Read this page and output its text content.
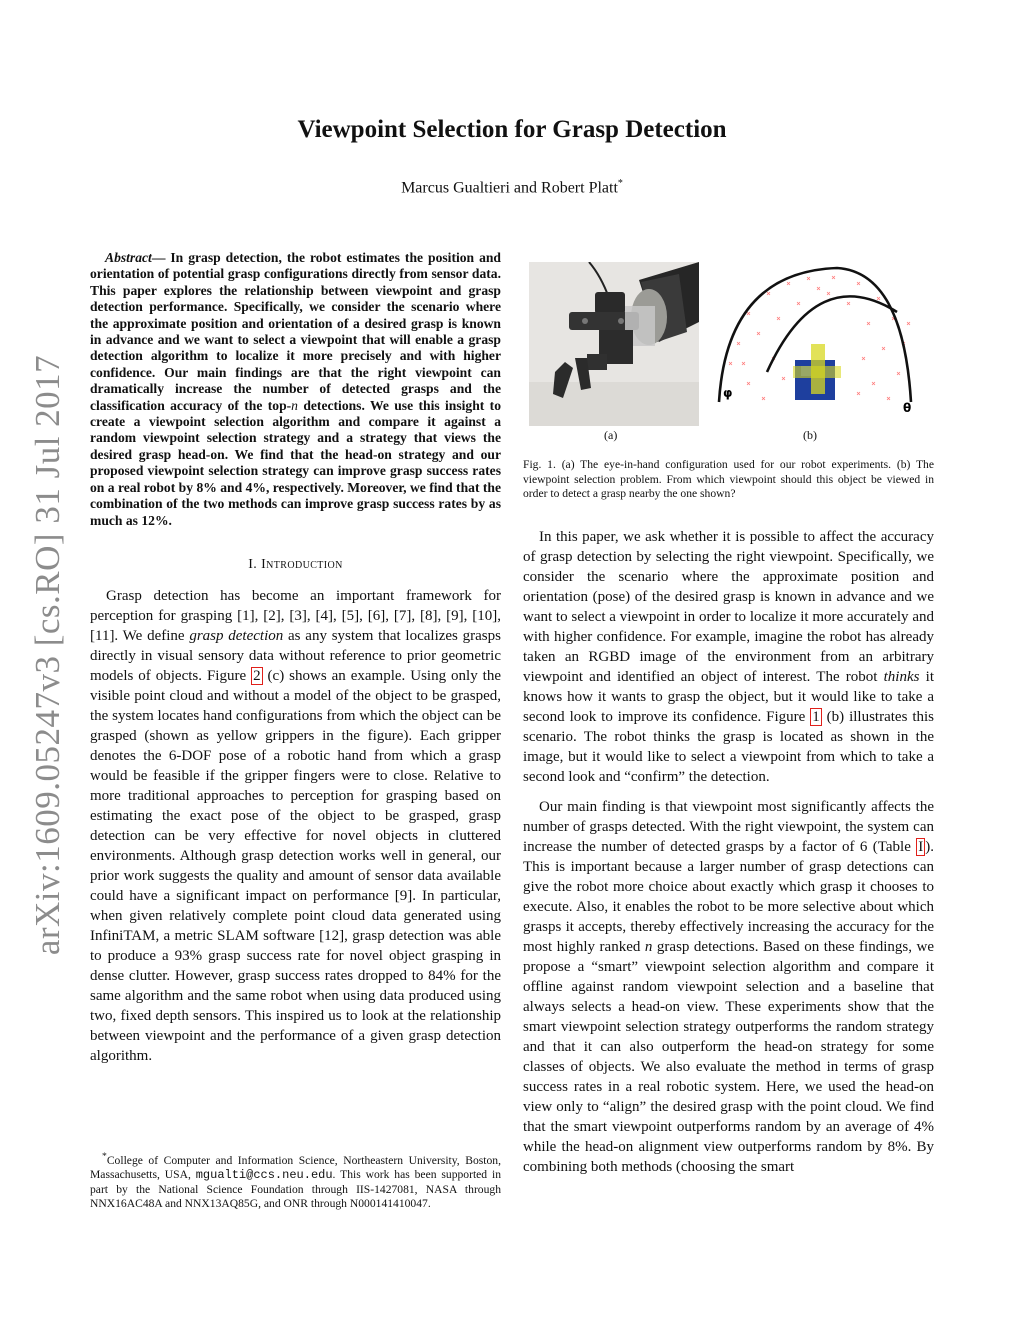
arXiv:1609.05247v3 [cs.RO] 31 Jul 2017
Viewpoint Selection for Grasp Detection
Marcus Gualtieri and Robert Platt*

Abstract— In grasp detection, the robot estimates the position and orientation of potential grasp configurations directly from sensor data. This paper explores the relationship between viewpoint and grasp detection performance. Specifically, we consider the scenario where the approximate position and orientation of a desired grasp is known in advance and we want to select a viewpoint that will enable a grasp detection algorithm to localize it more precisely and with higher confidence. Our main findings are that the right viewpoint can dramatically increase the number of detected grasps and the classification accuracy of the top-n detections. We use this insight to create a viewpoint selection algorithm and compare it against a random viewpoint selection strategy and a strategy that views the desired grasp head-on. We find that the head-on strategy and our proposed viewpoint selection strategy can improve grasp success rates on a real robot by 8% and 4%, respectively. Moreover, we find that the combination of the two methods can improve grasp success rates by as much as 12%.

I. Introduction

Grasp detection has become an important framework for perception for grasping [1], [2], [3], [4], [5], [6], [7], [8], [9], [10], [11]. We define grasp detection as any system that localizes grasps directly in visual sensory data without reference to prior geometric models of objects. Figure 2 (c) shows an example. Using only the visible point cloud and without a model of the object to be grasped, the system locates hand configurations from which the object can be grasped (shown as yellow grippers in the figure). Each gripper denotes the 6-DOF pose of a robotic hand from which a grasp would be feasible if the gripper fingers were to close. Relative to more traditional approaches to perception for grasping based on estimating the exact pose of the object to be grasped, grasp detection can be very effective for novel objects in cluttered environments. Although grasp detection works well in general, our prior work suggests the quality and amount of sensor data available could have a significant impact on performance [9]. In particular, when given relatively complete point cloud data generated using InfiniTAM, a metric SLAM software [12], grasp detection was able to produce a 93% grasp success rate for novel object grasping in dense clutter. However, grasp success rates dropped to 84% for the same algorithm and the same robot when using data produced using two, fixed depth sensors. This inspired us to look at the relationship between viewpoint and the performance of a given grasp detection algorithm.

*College of Computer and Information Science, Northeastern University, Boston, Massachusetts, USA, mgualti@ccs.neu.edu. This work has been supported in part by the National Science Foundation through IIS-1427081, NASA through NNX16AC48A and NNX13AQ85G, and ONR through N000141410047.
φ
θ
(a)	(b)
Fig. 1. (a) The eye-in-hand configuration used for our robot experiments. (b) The viewpoint selection problem. From which viewpoint should this object be viewed in order to detect a grasp nearby the one shown?

In this paper, we ask whether it is possible to affect the accuracy of grasp detection by selecting the right viewpoint. Specifically, we consider the scenario where the approximate position and orientation (pose) of the desired grasp is known in advance and we want to select a viewpoint in order to localize it more accurately and with higher confidence. For example, imagine the robot has already taken an RGBD image of the environment from an arbitrary viewpoint and identified an object of interest. The robot thinks it knows how it wants to grasp the object, but it would like to take a second look to improve its confidence. Figure 1 (b) illustrates this scenario. The robot thinks the grasp is located as shown in the image, but it would like to select a viewpoint from which to take a second look and “confirm” the detection.

Our main finding is that viewpoint most significantly affects the number of grasps detected. With the right viewpoint, the system can increase the number of detected grasps by a factor of 6 (Table I ). This is important because a larger number of grasp detections can give the robot more choice about exactly which grasp it chooses to execute. Also, it enables the robot to be more selective about which grasps it accepts, thereby effectively increasing the accuracy for the most highly ranked n grasp detections. Based on these findings, we propose a “smart” viewpoint selection algorithm and compare it offline against random viewpoint selection and a baseline that always selects a head-on view. These experiments show that the smart viewpoint selection strategy outperforms the random strategy and that it can also outperform the head-on strategy for some classes of objects. We also evaluate the method in terms of grasp success rates in a real robotic system. Here, we used the head-on view only to “align” the desired grasp with the point cloud. We find that the smart viewpoint outperforms random by an average of 4% while the head-on alignment view outperforms random by 8%. By combining both methods (choosing the smart
